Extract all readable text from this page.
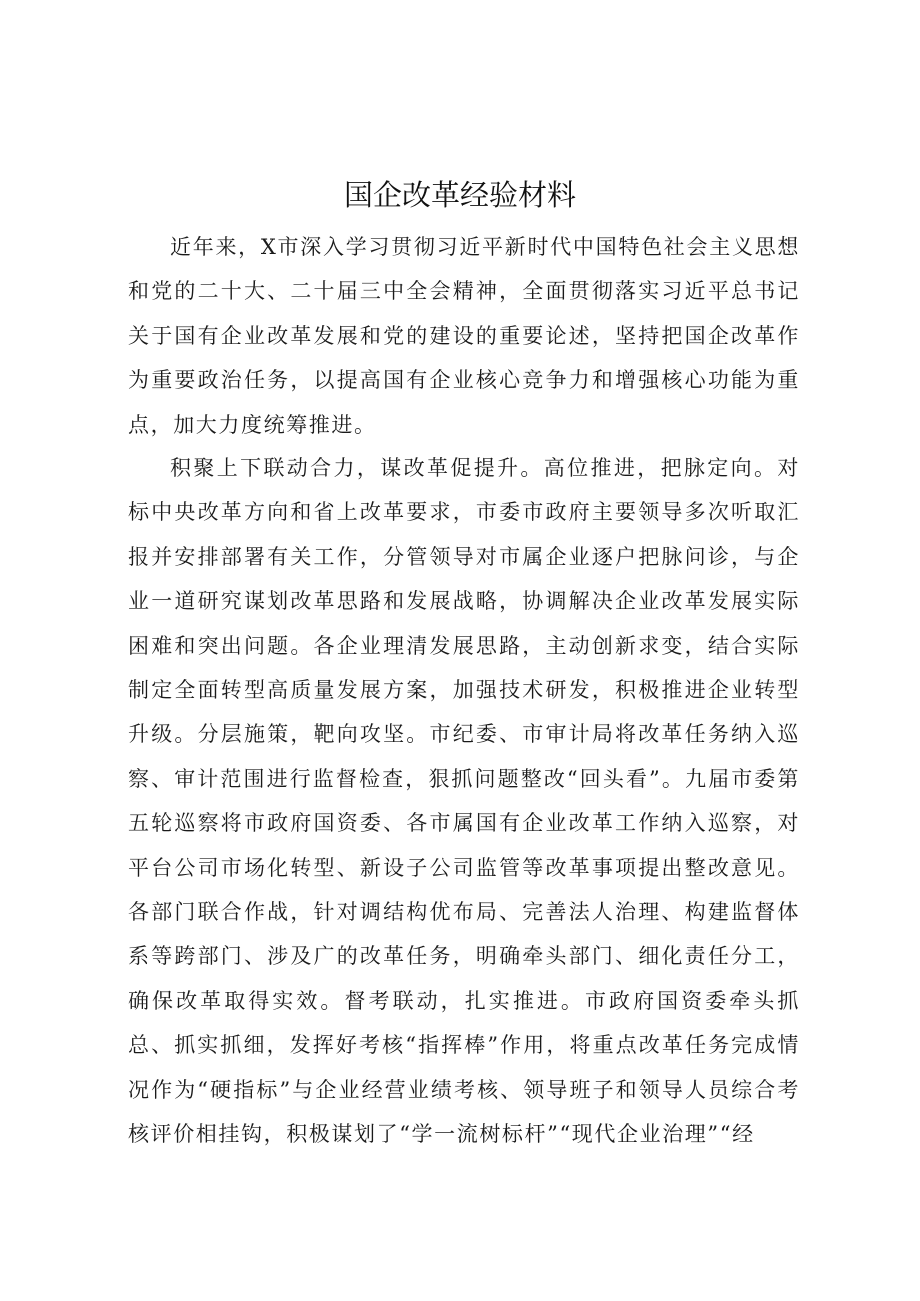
国企改革经验材料

近年来，X市深入学习贯彻习近平新时代中国特色社会主义思想和党的二十大、二十届三中全会精神，全面贯彻落实习近平总书记关于国有企业改革发展和党的建设的重要论述，坚持把国企改革作为重要政治任务，以提高国有企业核心竞争力和增强核心功能为重点，加大力度统筹推进。

积聚上下联动合力，谋改革促提升。高位推进，把脉定向。对标中央改革方向和省上改革要求，市委市政府主要领导多次听取汇报并安排部署有关工作，分管领导对市属企业逐户把脉问诊，与企业一道研究谋划改革思路和发展战略，协调解决企业改革发展实际困难和突出问题。各企业理清发展思路，主动创新求变，结合实际制定全面转型高质量发展方案，加强技术研发，积极推进企业转型升级。分层施策，靶向攻坚。市纪委、市审计局将改革任务纳入巡察、审计范围进行监督检查，狠抓问题整改“回头看”。九届市委第五轮巡察将市政府国资委、各市属国有企业改革工作纳入巡察，对平台公司市场化转型、新设子公司监管等改革事项提出整改意见。各部门联合作战，针对调结构优布局、完善法人治理、构建监督体系等跨部门、涉及广的改革任务，明确牵头部门、细化责任分工，确保改革取得实效。督考联动，扎实推进。市政府国资委牵头抓总、抓实抓细，发挥好考核“指挥棒”作用，将重点改革任务完成情况作为“硬指标”与企业经营业绩考核、领导班子和领导人员综合考核评价相挂钩，积极谋划了“学一流树标杆”“现代企业治理”“经
